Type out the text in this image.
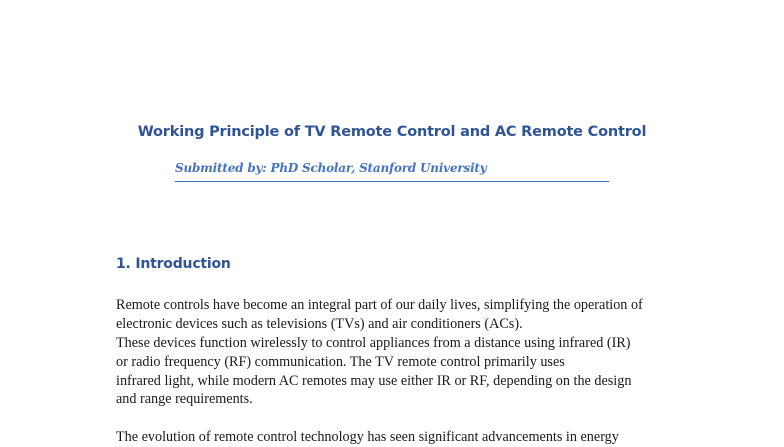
Working Principle of TV Remote Control and AC Remote Control
Submitted by: PhD Scholar, Stanford University
1. Introduction
Remote controls have become an integral part of our daily lives, simplifying the operation of
electronic devices such as televisions (TVs) and air conditioners (ACs).
These devices function wirelessly to control appliances from a distance using infrared (IR)
or radio frequency (RF) communication. The TV remote control primarily uses
infrared light, while modern AC remotes may use either IR or RF, depending on the design
and range requirements.
The evolution of remote control technology has seen significant advancements in energy
